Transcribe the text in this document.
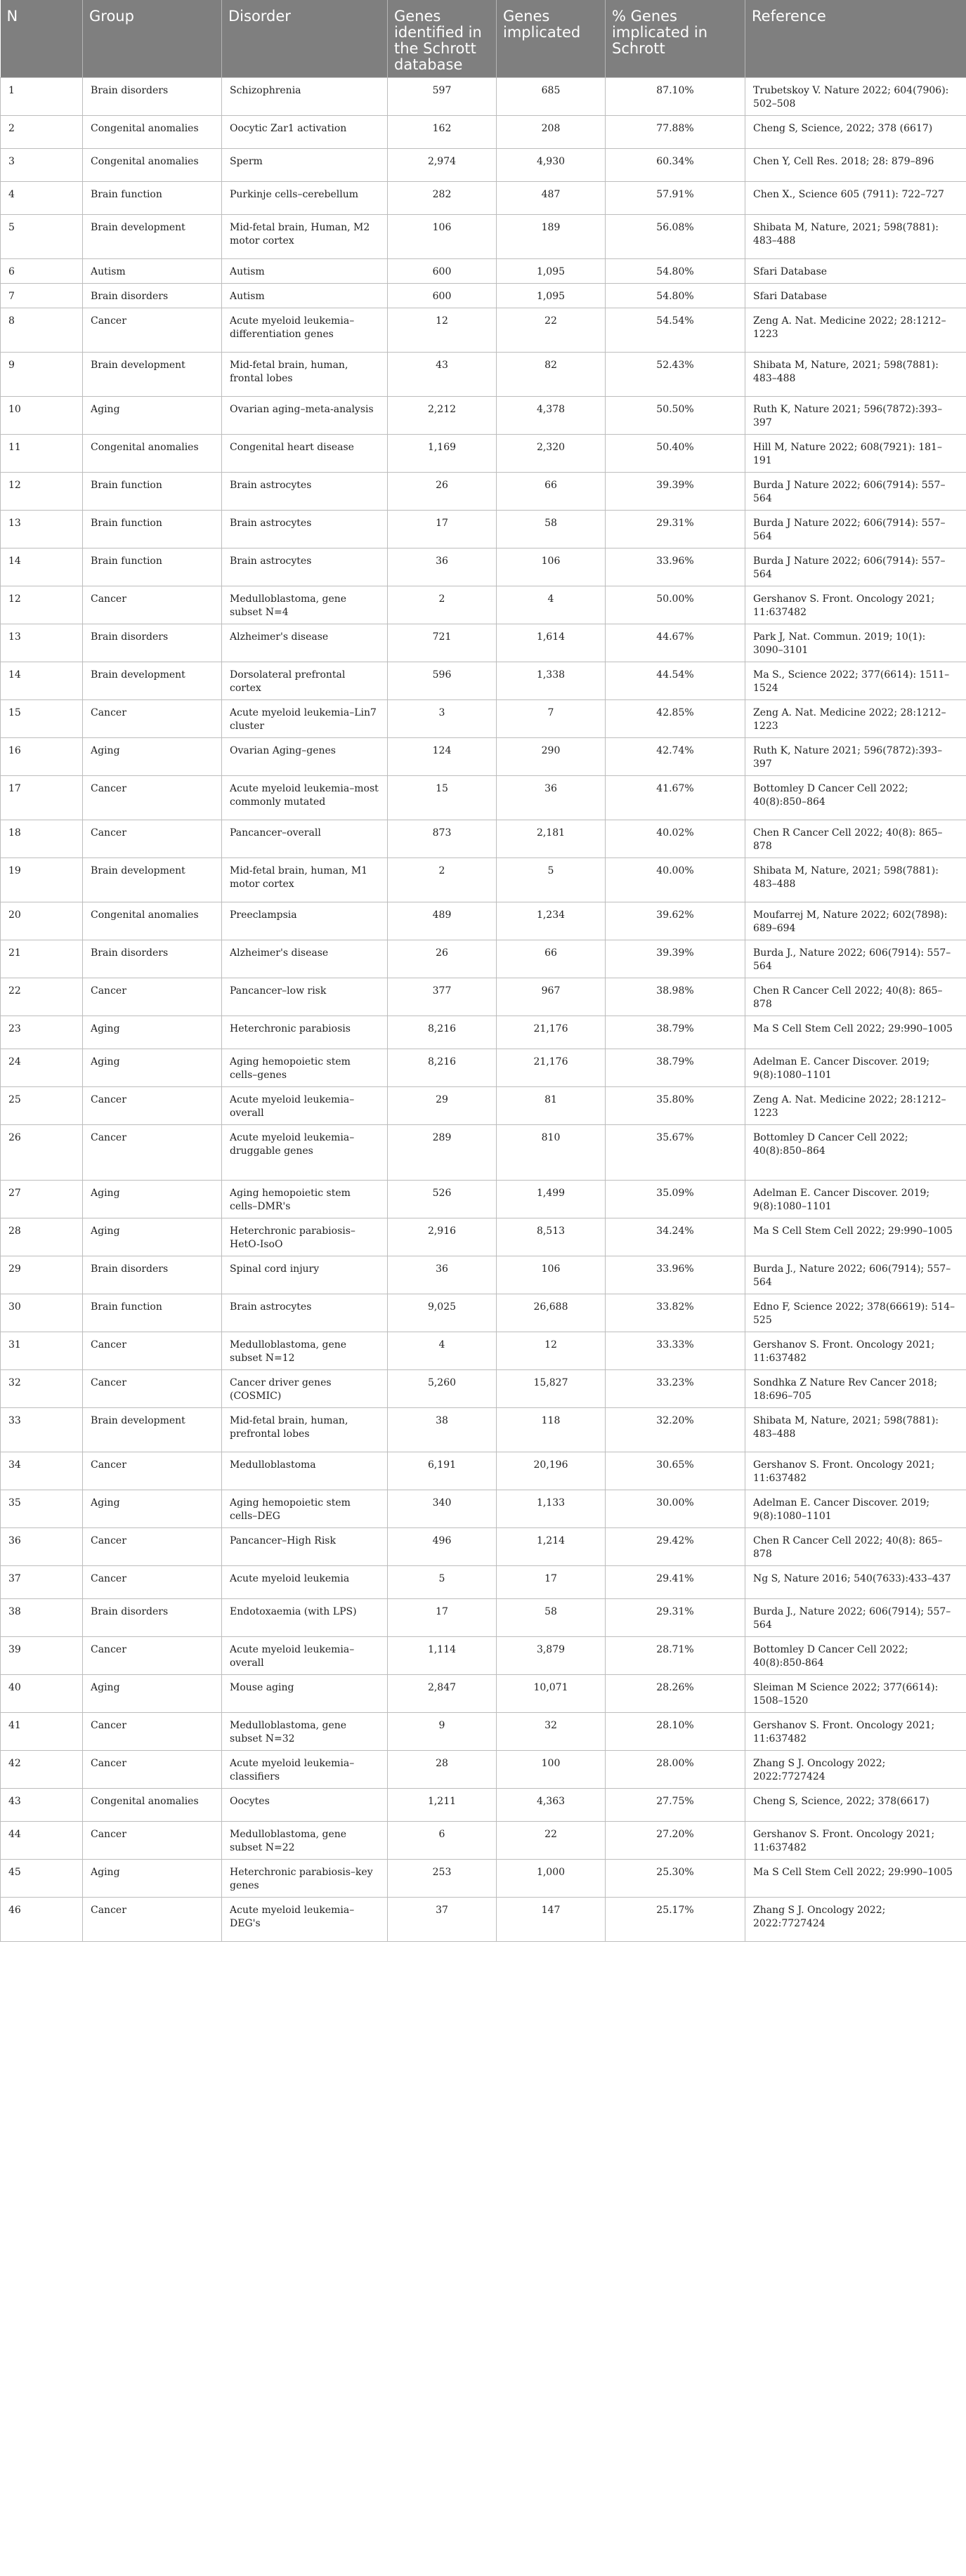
N	Group	Disorder	Genes identified in the Schrott database	Genes implicated	% Genes implicated in Schrott	Reference
1	Brain disorders	Schizophrenia	597	685	87.10%	Trubetskoy V. Nature 2022; 604(7906): 502–508
2	Congenital anomalies	Oocytic Zar1 activation	162	208	77.88%	Cheng S, Science, 2022; 378 (6617)
3	Congenital anomalies	Sperm	2,974	4,930	60.34%	Chen Y, Cell Res. 2018; 28: 879–896
4	Brain function	Purkinje cells–cerebellum	282	487	57.91%	Chen X., Science 605 (7911): 722–727
5	Brain development	Mid-fetal brain, Human, M2 motor cortex	106	189	56.08%	Shibata M, Nature, 2021; 598(7881): 483–488
6	Autism	Autism	600	1,095	54.80%	Sfari Database
7	Brain disorders	Autism	600	1,095	54.80%	Sfari Database
8	Cancer	Acute myeloid leukemia–differentiation genes	12	22	54.54%	Zeng A. Nat. Medicine 2022; 28:1212–1223
9	Brain development	Mid-fetal brain, human, frontal lobes	43	82	52.43%	Shibata M, Nature, 2021; 598(7881): 483–488
10	Aging	Ovarian aging–meta-analysis	2,212	4,378	50.50%	Ruth K, Nature 2021; 596(7872):393–397
11	Congenital anomalies	Congenital heart disease	1,169	2,320	50.40%	Hill M, Nature 2022; 608(7921): 181–191
12	Brain function	Brain astrocytes	26	66	39.39%	Burda J Nature 2022; 606(7914): 557–564
13	Brain function	Brain astrocytes	17	58	29.31%	Burda J Nature 2022; 606(7914): 557–564
14	Brain function	Brain astrocytes	36	106	33.96%	Burda J Nature 2022; 606(7914): 557–564
12	Cancer	Medulloblastoma, gene subset N=4	2	4	50.00%	Gershanov S. Front. Oncology 2021; 11:637482
13	Brain disorders	Alzheimer's disease	721	1,614	44.67%	Park J, Nat. Commun. 2019; 10(1): 3090–3101
14	Brain development	Dorsolateral prefrontal cortex	596	1,338	44.54%	Ma S., Science 2022; 377(6614): 1511–1524
15	Cancer	Acute myeloid leukemia–Lin7 cluster	3	7	42.85%	Zeng A. Nat. Medicine 2022; 28:1212–1223
16	Aging	Ovarian Aging–genes	124	290	42.74%	Ruth K, Nature 2021; 596(7872):393–397
17	Cancer	Acute myeloid leukemia–most commonly mutated	15	36	41.67%	Bottomley D Cancer Cell 2022; 40(8):850–864
18	Cancer	Pancancer–overall	873	2,181	40.02%	Chen R Cancer Cell 2022; 40(8): 865–878
19	Brain development	Mid-fetal brain, human, M1 motor cortex	2	5	40.00%	Shibata M, Nature, 2021; 598(7881): 483–488
20	Congenital anomalies	Preeclampsia	489	1,234	39.62%	Moufarrej M, Nature 2022; 602(7898): 689–694
21	Brain disorders	Alzheimer's disease	26	66	39.39%	Burda J., Nature 2022; 606(7914): 557–564
22	Cancer	Pancancer–low risk	377	967	38.98%	Chen R Cancer Cell 2022; 40(8): 865–878
23	Aging	Heterchronic parabiosis	8,216	21,176	38.79%	Ma S Cell Stem Cell 2022; 29:990–1005
24	Aging	Aging hemopoietic stem cells–genes	8,216	21,176	38.79%	Adelman E. Cancer Discover. 2019; 9(8):1080–1101
25	Cancer	Acute myeloid leukemia–overall	29	81	35.80%	Zeng A. Nat. Medicine 2022; 28:1212–1223
26	Cancer	Acute myeloid leukemia–druggable genes	289	810	35.67%	Bottomley D Cancer Cell 2022; 40(8):850–864
27	Aging	Aging hemopoietic stem cells–DMR's	526	1,499	35.09%	Adelman E. Cancer Discover. 2019; 9(8):1080–1101
28	Aging	Heterchronic parabiosis–HetO-IsoO	2,916	8,513	34.24%	Ma S Cell Stem Cell 2022; 29:990–1005
29	Brain disorders	Spinal cord injury	36	106	33.96%	Burda J., Nature 2022; 606(7914); 557–564
30	Brain function	Brain astrocytes	9,025	26,688	33.82%	Edno F, Science 2022; 378(66619): 514–525
31	Cancer	Medulloblastoma, gene subset N=12	4	12	33.33%	Gershanov S. Front. Oncology 2021; 11:637482
32	Cancer	Cancer driver genes (COSMIC)	5,260	15,827	33.23%	Sondhka Z Nature Rev Cancer 2018; 18:696–705
33	Brain development	Mid-fetal brain, human, prefrontal lobes	38	118	32.20%	Shibata M, Nature, 2021; 598(7881): 483–488
34	Cancer	Medulloblastoma	6,191	20,196	30.65%	Gershanov S. Front. Oncology 2021; 11:637482
35	Aging	Aging hemopoietic stem cells–DEG	340	1,133	30.00%	Adelman E. Cancer Discover. 2019; 9(8):1080–1101
36	Cancer	Pancancer–High Risk	496	1,214	29.42%	Chen R Cancer Cell 2022; 40(8): 865–878
37	Cancer	Acute myeloid leukemia	5	17	29.41%	Ng S, Nature 2016; 540(7633):433–437
38	Brain disorders	Endotoxaemia (with LPS)	17	58	29.31%	Burda J., Nature 2022; 606(7914); 557–564
39	Cancer	Acute myeloid leukemia–overall	1,114	3,879	28.71%	Bottomley D Cancer Cell 2022; 40(8):850-864
40	Aging	Mouse aging	2,847	10,071	28.26%	Sleiman M Science 2022; 377(6614): 1508–1520
41	Cancer	Medulloblastoma, gene subset N=32	9	32	28.10%	Gershanov S. Front. Oncology 2021; 11:637482
42	Cancer	Acute myeloid leukemia–classifiers	28	100	28.00%	Zhang S J. Oncology 2022; 2022:7727424
43	Congenital anomalies	Oocytes	1,211	4,363	27.75%	Cheng S, Science, 2022; 378(6617)
44	Cancer	Medulloblastoma, gene subset N=22	6	22	27.20%	Gershanov S. Front. Oncology 2021; 11:637482
45	Aging	Heterchronic parabiosis–key genes	253	1,000	25.30%	Ma S Cell Stem Cell 2022; 29:990–1005
46	Cancer	Acute myeloid leukemia–DEG's	37	147	25.17%	Zhang S J. Oncology 2022; 2022:7727424
